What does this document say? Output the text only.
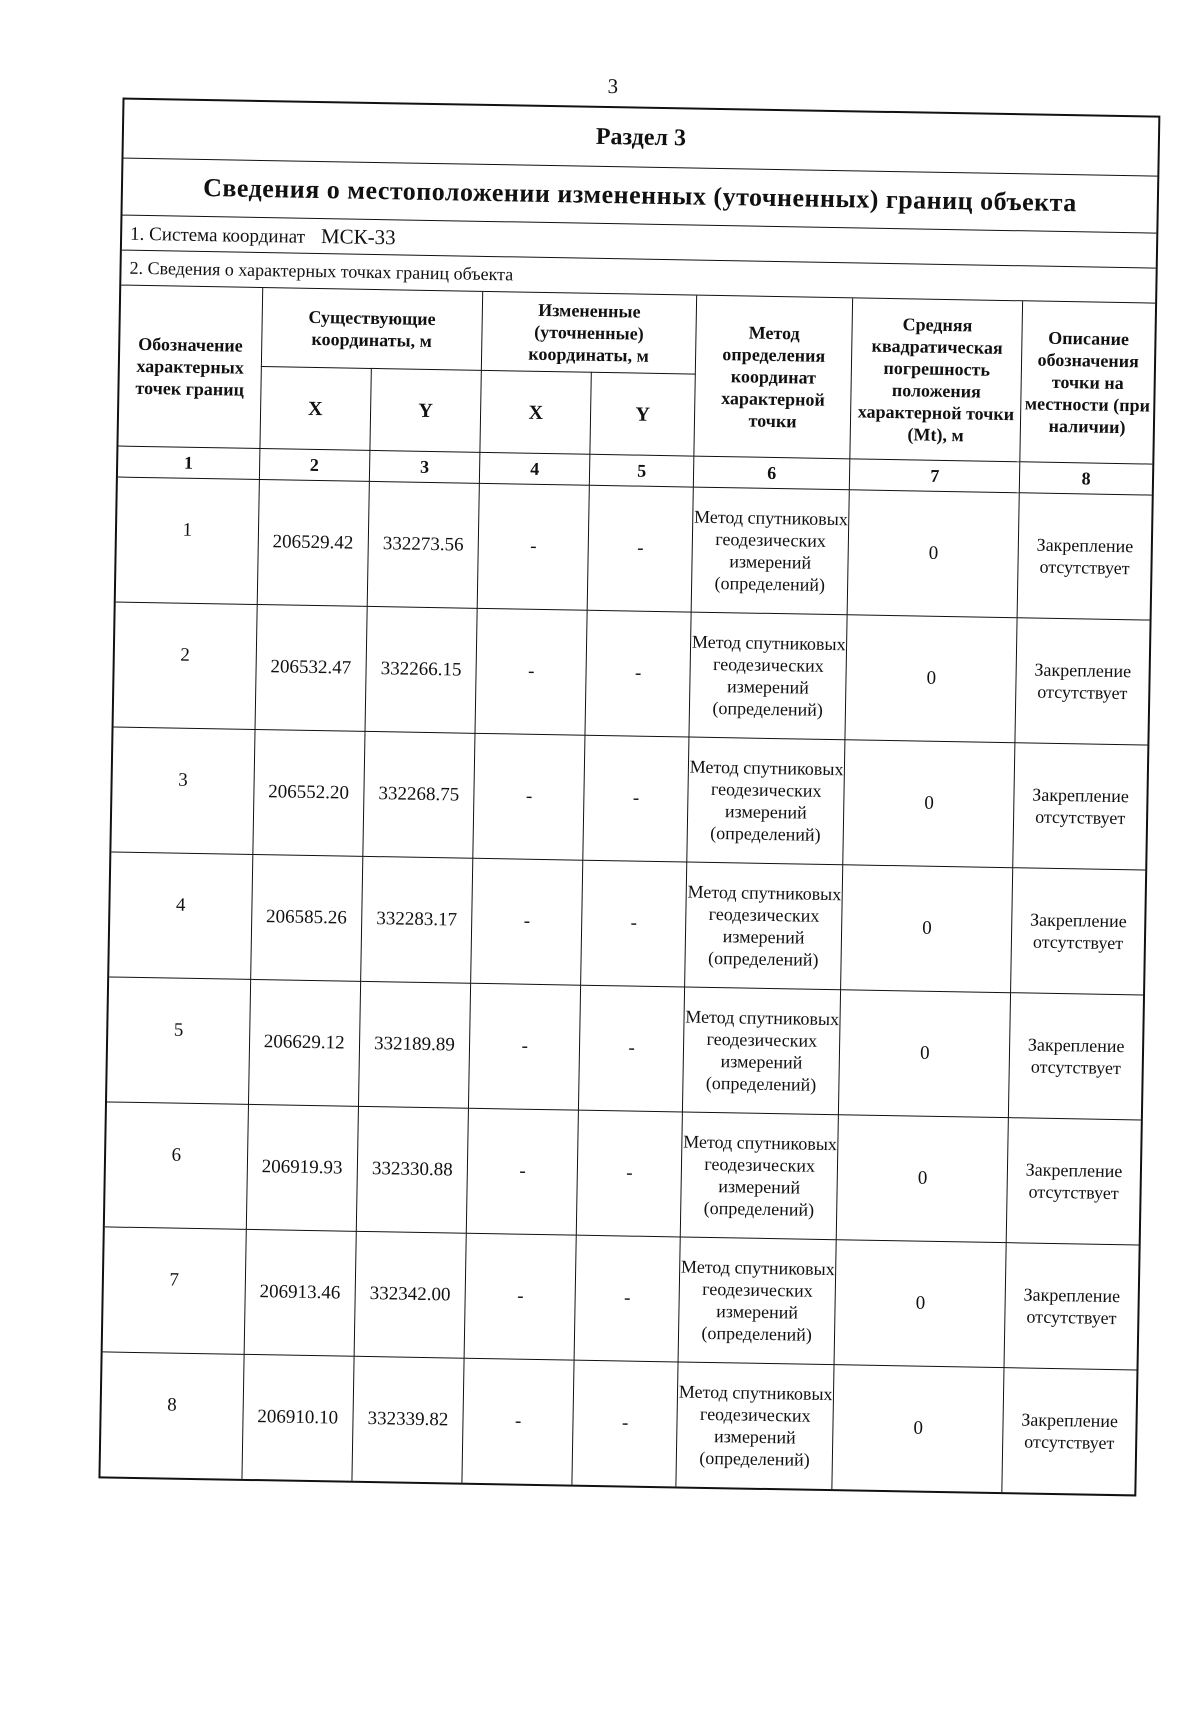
3
Раздел 3
Сведения о местоположении измененных (уточненных) границ объекта
1. Система координат МСК-33
2. Сведения о характерных точках границ объекта
Обозначение характерных точек границ	Существующие координаты, м		Измененные (уточненные) координаты, м		Метод определения координат характерной точки	Средняя квадратическая погрешность положения характерной точки (Mt), м	Описание обозначения точки на местности (при наличии)
	X	Y	X	Y			
1	2	3	4	5	6	7	8

1	206529.42	332273.56	-	-	Метод спутниковых геодезических измерений (определений)	0	Закрепление отсутствует

2	206532.47	332266.15	-	-	Метод спутниковых геодезических измерений (определений)	0	Закрепление отсутствует

3	206552.20	332268.75	-	-	Метод спутниковых геодезических измерений (определений)	0	Закрепление отсутствует

4	206585.26	332283.17	-	-	Метод спутниковых геодезических измерений (определений)	0	Закрепление отсутствует

5	206629.12	332189.89	-	-	Метод спутниковых геодезических измерений (определений)	0	Закрепление отсутствует

6	206919.93	332330.88	-	-	Метод спутниковых геодезических измерений (определений)	0	Закрепление отсутствует

7	206913.46	332342.00	-	-	Метод спутниковых геодезических измерений (определений)	0	Закрепление отсутствует

8	206910.10	332339.82	-	-	Метод спутниковых геодезических измерений (определений)	0	Закрепление отсутствует
